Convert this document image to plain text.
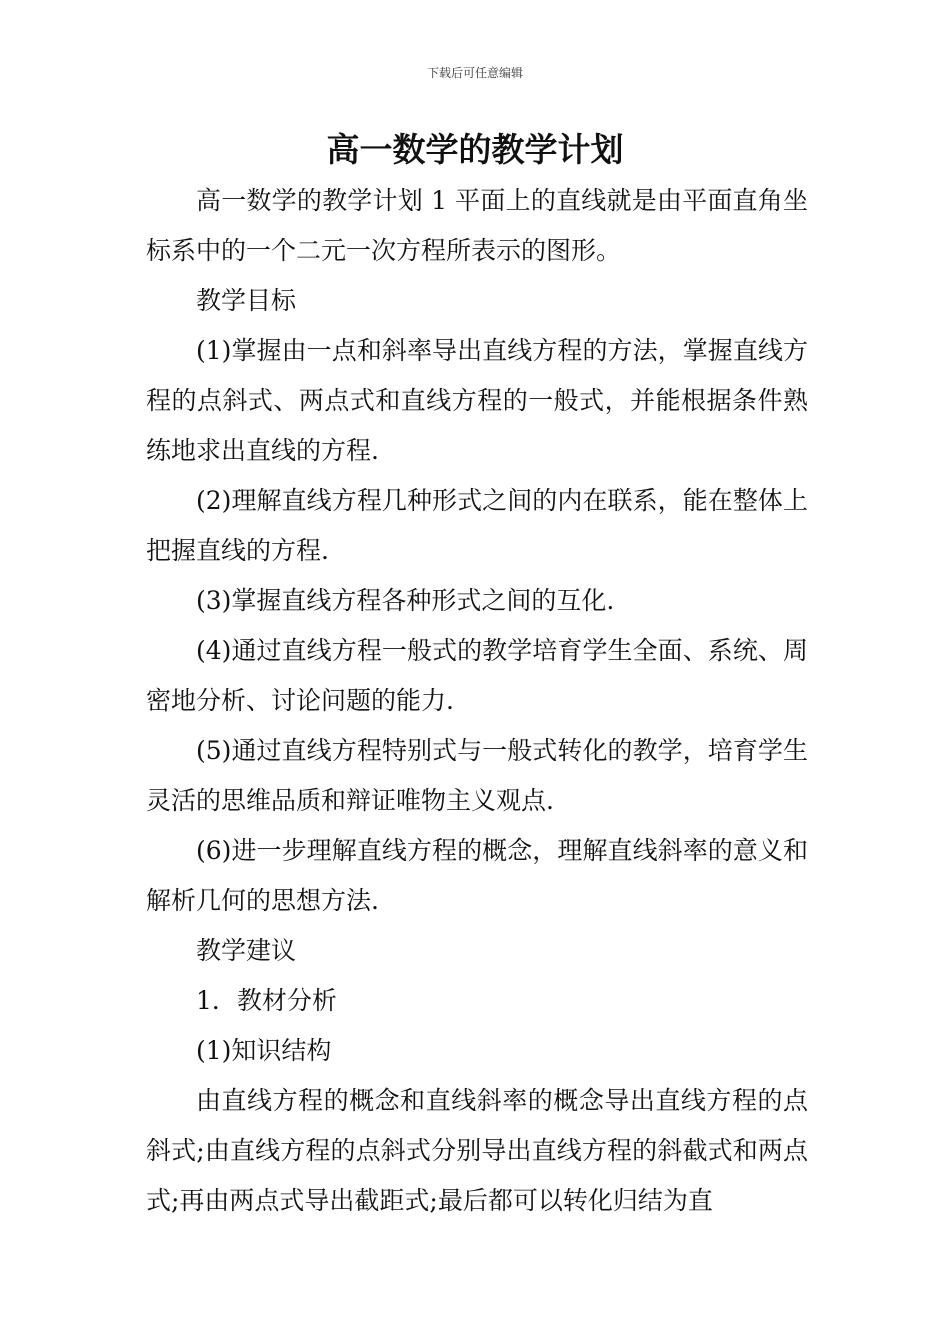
下载后可任意编辑
高一数学的教学计划

高一数学的教学计划 1 平面上的直线就是由平面直角坐标系中的一个二元一次方程所表示的图形。

教学目标

(1)掌握由一点和斜率导出直线方程的方法，掌握直线方程的点斜式、两点式和直线方程的一般式，并能根据条件熟练地求出直线的方程.

(2)理解直线方程几种形式之间的内在联系，能在整体上把握直线的方程.

(3)掌握直线方程各种形式之间的互化.

(4)通过直线方程一般式的教学培育学生全面、系统、周密地分析、讨论问题的能力.

(5)通过直线方程特别式与一般式转化的教学，培育学生灵活的思维品质和辩证唯物主义观点.

(6)进一步理解直线方程的概念，理解直线斜率的意义和解析几何的思想方法.

教学建议

1．教材分析

(1)知识结构

由直线方程的概念和直线斜率的概念导出直线方程的点斜式;由直线方程的点斜式分别导出直线方程的斜截式和两点式;再由两点式导出截距式;最后都可以转化归结为直
